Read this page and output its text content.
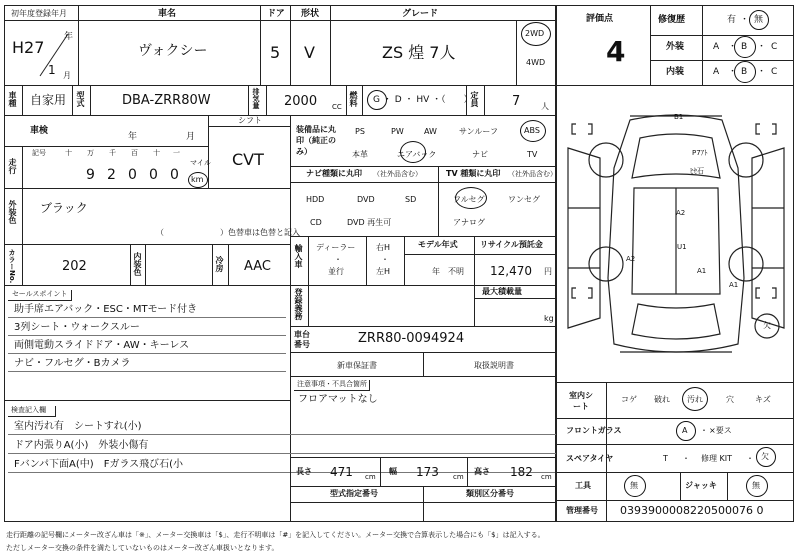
初年度登録年月	車名	ドア 形状	グレード
H27
年
1 月
ヴォクシー	5 V	ZS 煌 7人
2WD
4WD
評価点
4
修復歴	有 ・ 無
外装	A ・ B ・ C
内装	A ・ B ・ C
車種 自家用 型式	DBA-ZRR80W	排気量 2000 CC 燃料 G ・ D ・ HV ・（　　）
定員	7	人
車検
年	月
シフト
CVT
走行
記号	十 万 千 百 十 一
9 2 0 0 0
マイル
km
外装色 ブラック
（　　　　　　　）色替車は色替と記入
カラーNo.	202	内装色	冷房 AAC
装備品に丸印（純正のみ）
PS	PW	AW	サンルーフ	ABS
本革	エアバック	ナビ	TV
ナビ種類に丸印 （社外品含む）
HDD	DVD	SD
CD	DVD 再生可
TV 種類に丸印 （社外品含む）
フルセグ	ワンセグ
アナログ
輸入車 ディーラー
・
並行
右H
・
左H
モデル年式
年　不明
リサイクル預託金
12,470 円
セールスポイント
助手席エアバック・ESC・MTモード付き
3列シート・ウォークスルー
両側電動スライドドア・AW・キーレス
ナビ・フルセグ・Bカメラ
登録義務	最大積載量
kg
車台番号	ZRR80-0094924
新車保証書	取扱説明書
注意事項・不具合箇所
フロアマットなし
検査記入欄
室内汚れ有　シートすれ(小)
ドア内張りA(小)　外装小傷有
Fバンパ下面A(中)　Fガラス飛び石(小
長さ 471 cm
幅 173 cm
高さ 182 cm
型式指定番号	類別区分番号
B1
P7ｱﾄ
ﾋｾ石
A2
U1
A2
A1
A1
欠
室内シート
コゲ 破れ 汚れ	穴	キズ
フロントガラス	A ・ ×要ス
スペアタイヤ	T ・ 修理 KIT ・ 欠
工具	無	ジャッキ	無
管理番号 0393900008220500076 0
走行距離の記号欄にメーター改ざん車は「※」、メーター交換車は「$」、走行不明車は「#」を記入してください。メーター交換で合算表示した場合にも「$」は記入する。
ただしメーター交換の条件を満たしていないものはメーター改ざん車扱いとなります。
